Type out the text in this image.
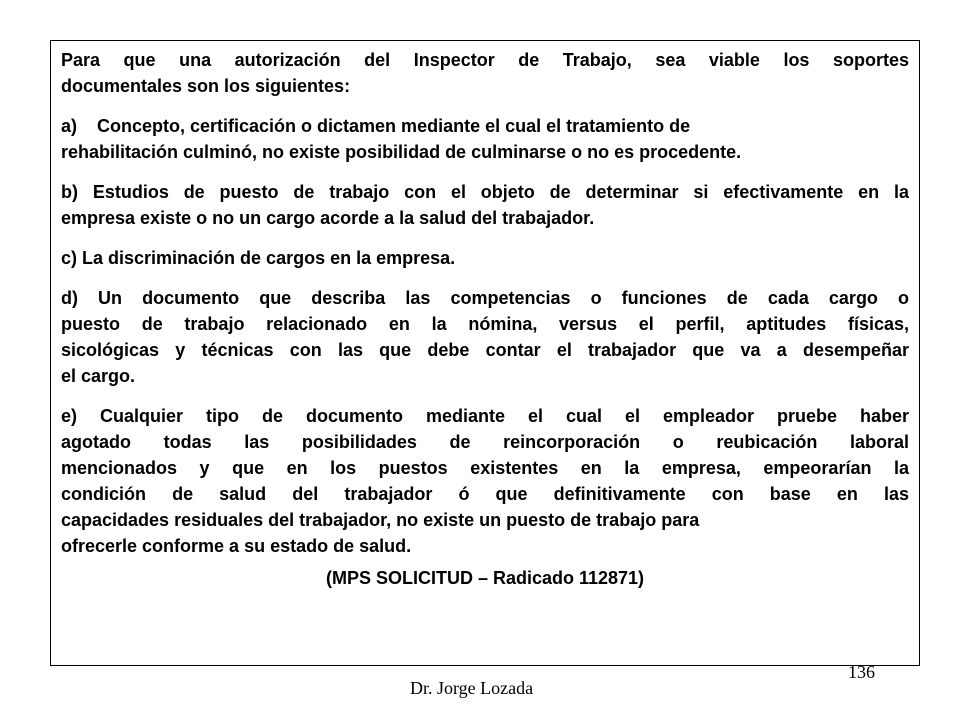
Para que una autorización del Inspector de Trabajo, sea viable los soportes
documentales son los siguientes:

a) Concepto, certificación o dictamen mediante el cual el tratamiento de
rehabilitación culminó, no existe posibilidad de culminarse o no es procedente.

b) Estudios de puesto de trabajo con el objeto de determinar si efectivamente en la
empresa existe o no un cargo acorde a la salud del trabajador.

c) La discriminación de cargos en la empresa.

d) Un documento que describa las competencias o funciones de cada cargo o
puesto de trabajo relacionado en la nómina, versus el perfil, aptitudes físicas,
sicológicas y técnicas con las que debe contar el trabajador que va a desempeñar
el cargo.

e) Cualquier tipo de documento mediante el cual el empleador pruebe haber
agotado todas las posibilidades de reincorporación o reubicación laboral
mencionados y que en los puestos existentes en la empresa, empeorarían la
condición de salud del trabajador ó que definitivamente con base en las
capacidades residuales del trabajador, no existe un puesto de trabajo para
ofrecerle conforme a su estado de salud.

(MPS SOLICITUD – Radicado 112871)

136
Dr. Jorge Lozada
